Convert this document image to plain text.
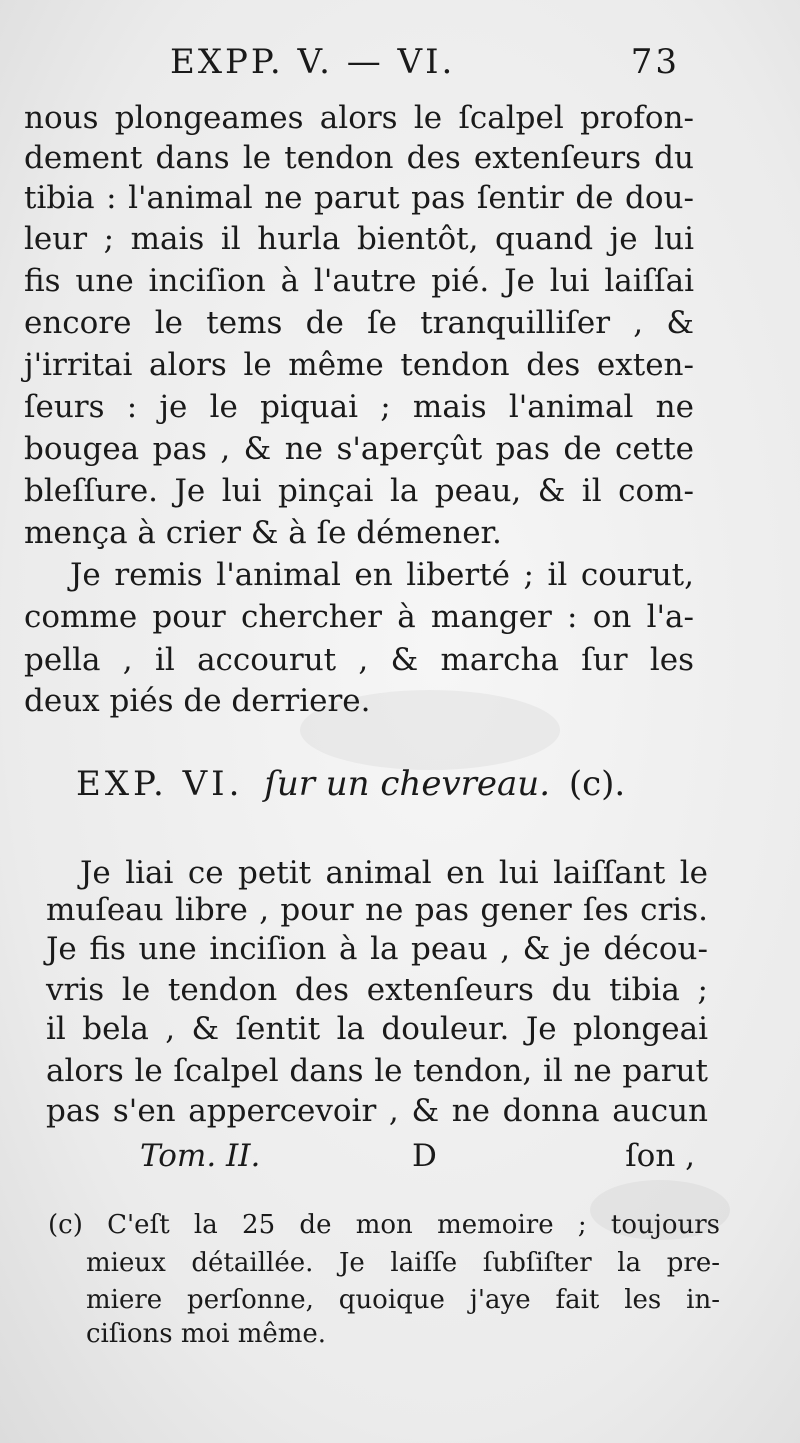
EXPP. V. — VI.	73
nous plongeames alors le ſcalpel profon-
dement dans le tendon des extenſeurs du
tibia : l'animal ne parut pas ſentir de dou-
leur ; mais il hurla bientôt, quand je lui
fis une inciſion à l'autre pié. Je lui laiſſai
encore le tems de ſe tranquilliſer , &
j'irritai alors le même tendon des exten-
ſeurs : je le piquai ; mais l'animal ne
bougea pas , & ne s'aperçût pas de cette
bleſſure. Je lui pinçai la peau, & il com-
mença à crier & à ſe démener.
Je remis l'animal en liberté ; il courut,
comme pour chercher à manger : on l'a-
pella , il accourut , & marcha ſur les
deux piés de derriere.
EXP. VI. ſur un chevreau. (c).
Je liai ce petit animal en lui laiſſant le
muſeau libre , pour ne pas gener ſes cris.
Je fis une inciſion à la peau , & je décou-
vris le tendon des extenſeurs du tibia ;
il bela , & ſentit la douleur. Je plongeai
alors le ſcalpel dans le tendon, il ne parut
pas s'en appercevoir , & ne donna aucun
Tom. II.	D	ſon ,
(c) C'eſt la 25 de mon memoire ; toujours
mieux détaillée. Je laiſſe ſubſiſter la pre-
miere perſonne, quoique j'aye fait les in-
ciſions moi même.
